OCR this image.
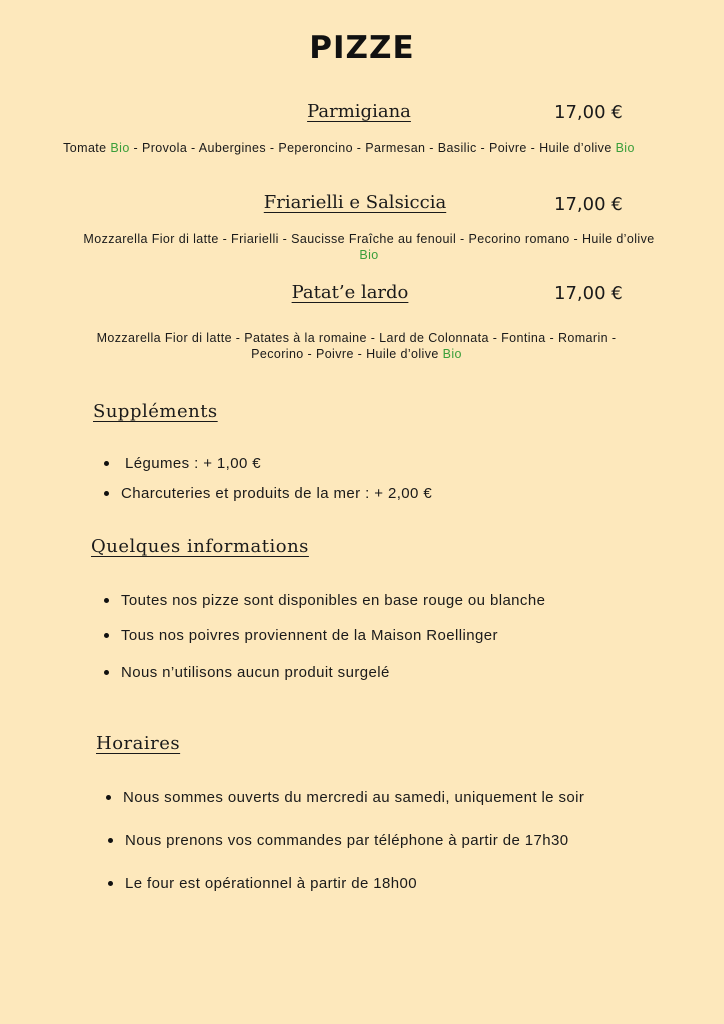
PIZZE
Parmigiana	17,00 €
Tomate Bio - Provola - Aubergines - Peperoncino - Parmesan - Basilic - Poivre - Huile d’olive Bio
Friarielli e Salsiccia	17,00 €
Mozzarella Fior di latte - Friarielli - Saucisse Fraîche au fenouil - Pecorino romano - Huile d’olive Bio
Patat’e lardo	17,00 €
Mozzarella Fior di latte - Patates à la romaine - Lard de Colonnata - Fontina - Romarin - Pecorino - Poivre - Huile d’olive Bio
Suppléments
Légumes : + 1,00 €
Charcuteries et produits de la mer : + 2,00 €
Quelques informations
Toutes nos pizze sont disponibles en base rouge ou blanche
Tous nos poivres proviennent de la Maison Roellinger
Nous n’utilisons aucun produit surgelé
Horaires
Nous sommes ouverts du mercredi au samedi, uniquement le soir
Nous prenons vos commandes par téléphone à partir de 17h30
Le four est opérationnel à partir de 18h00
